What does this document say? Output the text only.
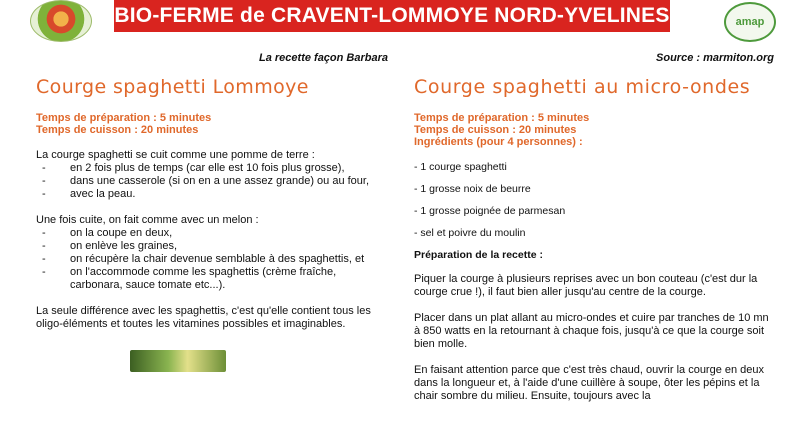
BIO-FERME de CRAVENT-LOMMOYE NORD-YVELINES	amap
La recette façon Barbara
Courge spaghetti Lommoye
Temps de préparation : 5 minutes
Temps de cuisson : 20 minutes

La courge spaghetti se cuit comme une pomme de terre :

- en 2 fois plus de temps (car elle est 10 fois plus grosse),
- dans une casserole (si on en a une assez grande) ou au four,
- avec la peau.

Une fois cuite, on fait comme avec un melon :

- on la coupe en deux,
- on enlève les graines,
- on récupère la chair devenue semblable à des spaghettis, et
- on l'accommode comme les spaghettis (crème fraîche, carbonara, sauce tomate etc...).

La seule différence avec les spaghettis, c'est qu'elle contient tous les oligo-éléments et toutes les vitamines possibles et imaginables.

Source : marmiton.org
Courge spaghetti au micro-ondes
Temps de préparation : 5 minutes
Temps de cuisson : 20 minutes
Ingrédients (pour 4 personnes) :

- 1 courge spaghetti

- 1 grosse noix de beurre

- 1 grosse poignée de parmesan

- sel et poivre du moulin

Préparation de la recette :

Piquer la courge à plusieurs reprises avec un bon couteau (c'est dur la courge crue !), il faut bien aller jusqu'au centre de la courge.

Placer dans un plat allant au micro-ondes et cuire par tranches de 10 mn à 850 watts en la retournant à chaque fois, jusqu'à ce que la courge soit bien molle.

En faisant attention parce que c'est très chaud, ouvrir la courge en deux dans la longueur et, à l'aide d'une cuillère à soupe, ôter les pépins et la chair sombre du milieu. Ensuite, toujours avec la
